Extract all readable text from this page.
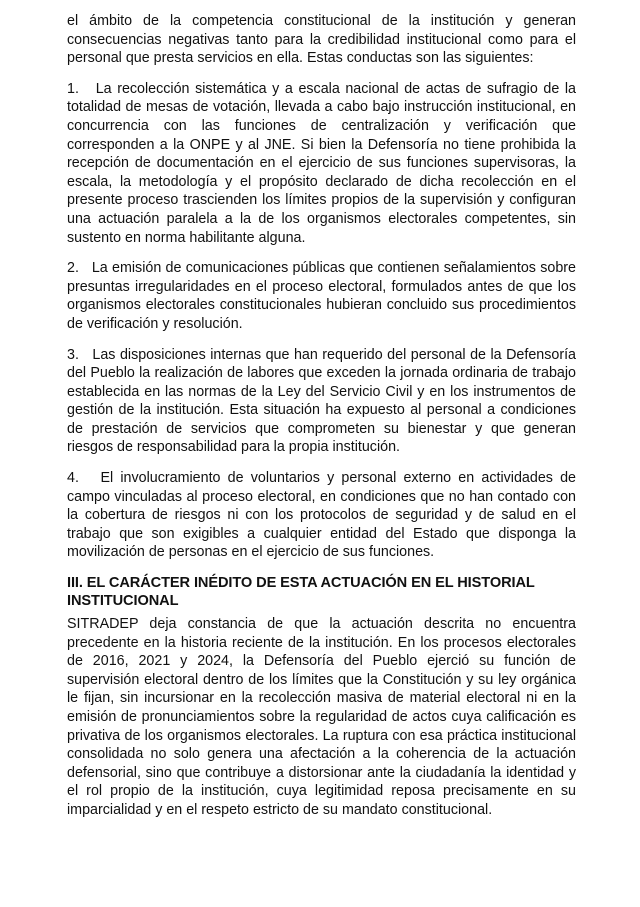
el ámbito de la competencia constitucional de la institución y generan consecuencias negativas tanto para la credibilidad institucional como para el personal que presta servicios en ella. Estas conductas son las siguientes:

1. La recolección sistemática y a escala nacional de actas de sufragio de la totalidad de mesas de votación, llevada a cabo bajo instrucción institucional, en concurrencia con las funciones de centralización y verificación que corresponden a la ONPE y al JNE. Si bien la Defensoría no tiene prohibida la recepción de documentación en el ejercicio de sus funciones supervisoras, la escala, la metodología y el propósito declarado de dicha recolección en el presente proceso trascienden los límites propios de la supervisión y configuran una actuación paralela a la de los organismos electorales competentes, sin sustento en norma habilitante alguna.

2. La emisión de comunicaciones públicas que contienen señalamientos sobre presuntas irregularidades en el proceso electoral, formulados antes de que los organismos electorales constitucionales hubieran concluido sus procedimientos de verificación y resolución.

3. Las disposiciones internas que han requerido del personal de la Defensoría del Pueblo la realización de labores que exceden la jornada ordinaria de trabajo establecida en las normas de la Ley del Servicio Civil y en los instrumentos de gestión de la institución. Esta situación ha expuesto al personal a condiciones de prestación de servicios que comprometen su bienestar y que generan riesgos de responsabilidad para la propia institución.

4. El involucramiento de voluntarios y personal externo en actividades de campo vinculadas al proceso electoral, en condiciones que no han contado con la cobertura de riesgos ni con los protocolos de seguridad y de salud en el trabajo que son exigibles a cualquier entidad del Estado que disponga la movilización de personas en el ejercicio de sus funciones.

III. EL CARÁCTER INÉDITO DE ESTA ACTUACIÓN EN EL HISTORIAL INSTITUCIONAL

SITRADEP deja constancia de que la actuación descrita no encuentra precedente en la historia reciente de la institución. En los procesos electorales de 2016, 2021 y 2024, la Defensoría del Pueblo ejerció su función de supervisión electoral dentro de los límites que la Constitución y su ley orgánica le fijan, sin incursionar en la recolección masiva de material electoral ni en la emisión de pronunciamientos sobre la regularidad de actos cuya calificación es privativa de los organismos electorales. La ruptura con esa práctica institucional consolidada no solo genera una afectación a la coherencia de la actuación defensorial, sino que contribuye a distorsionar ante la ciudadanía la identidad y el rol propio de la institución, cuya legitimidad reposa precisamente en su imparcialidad y en el respeto estricto de su mandato constitucional.
